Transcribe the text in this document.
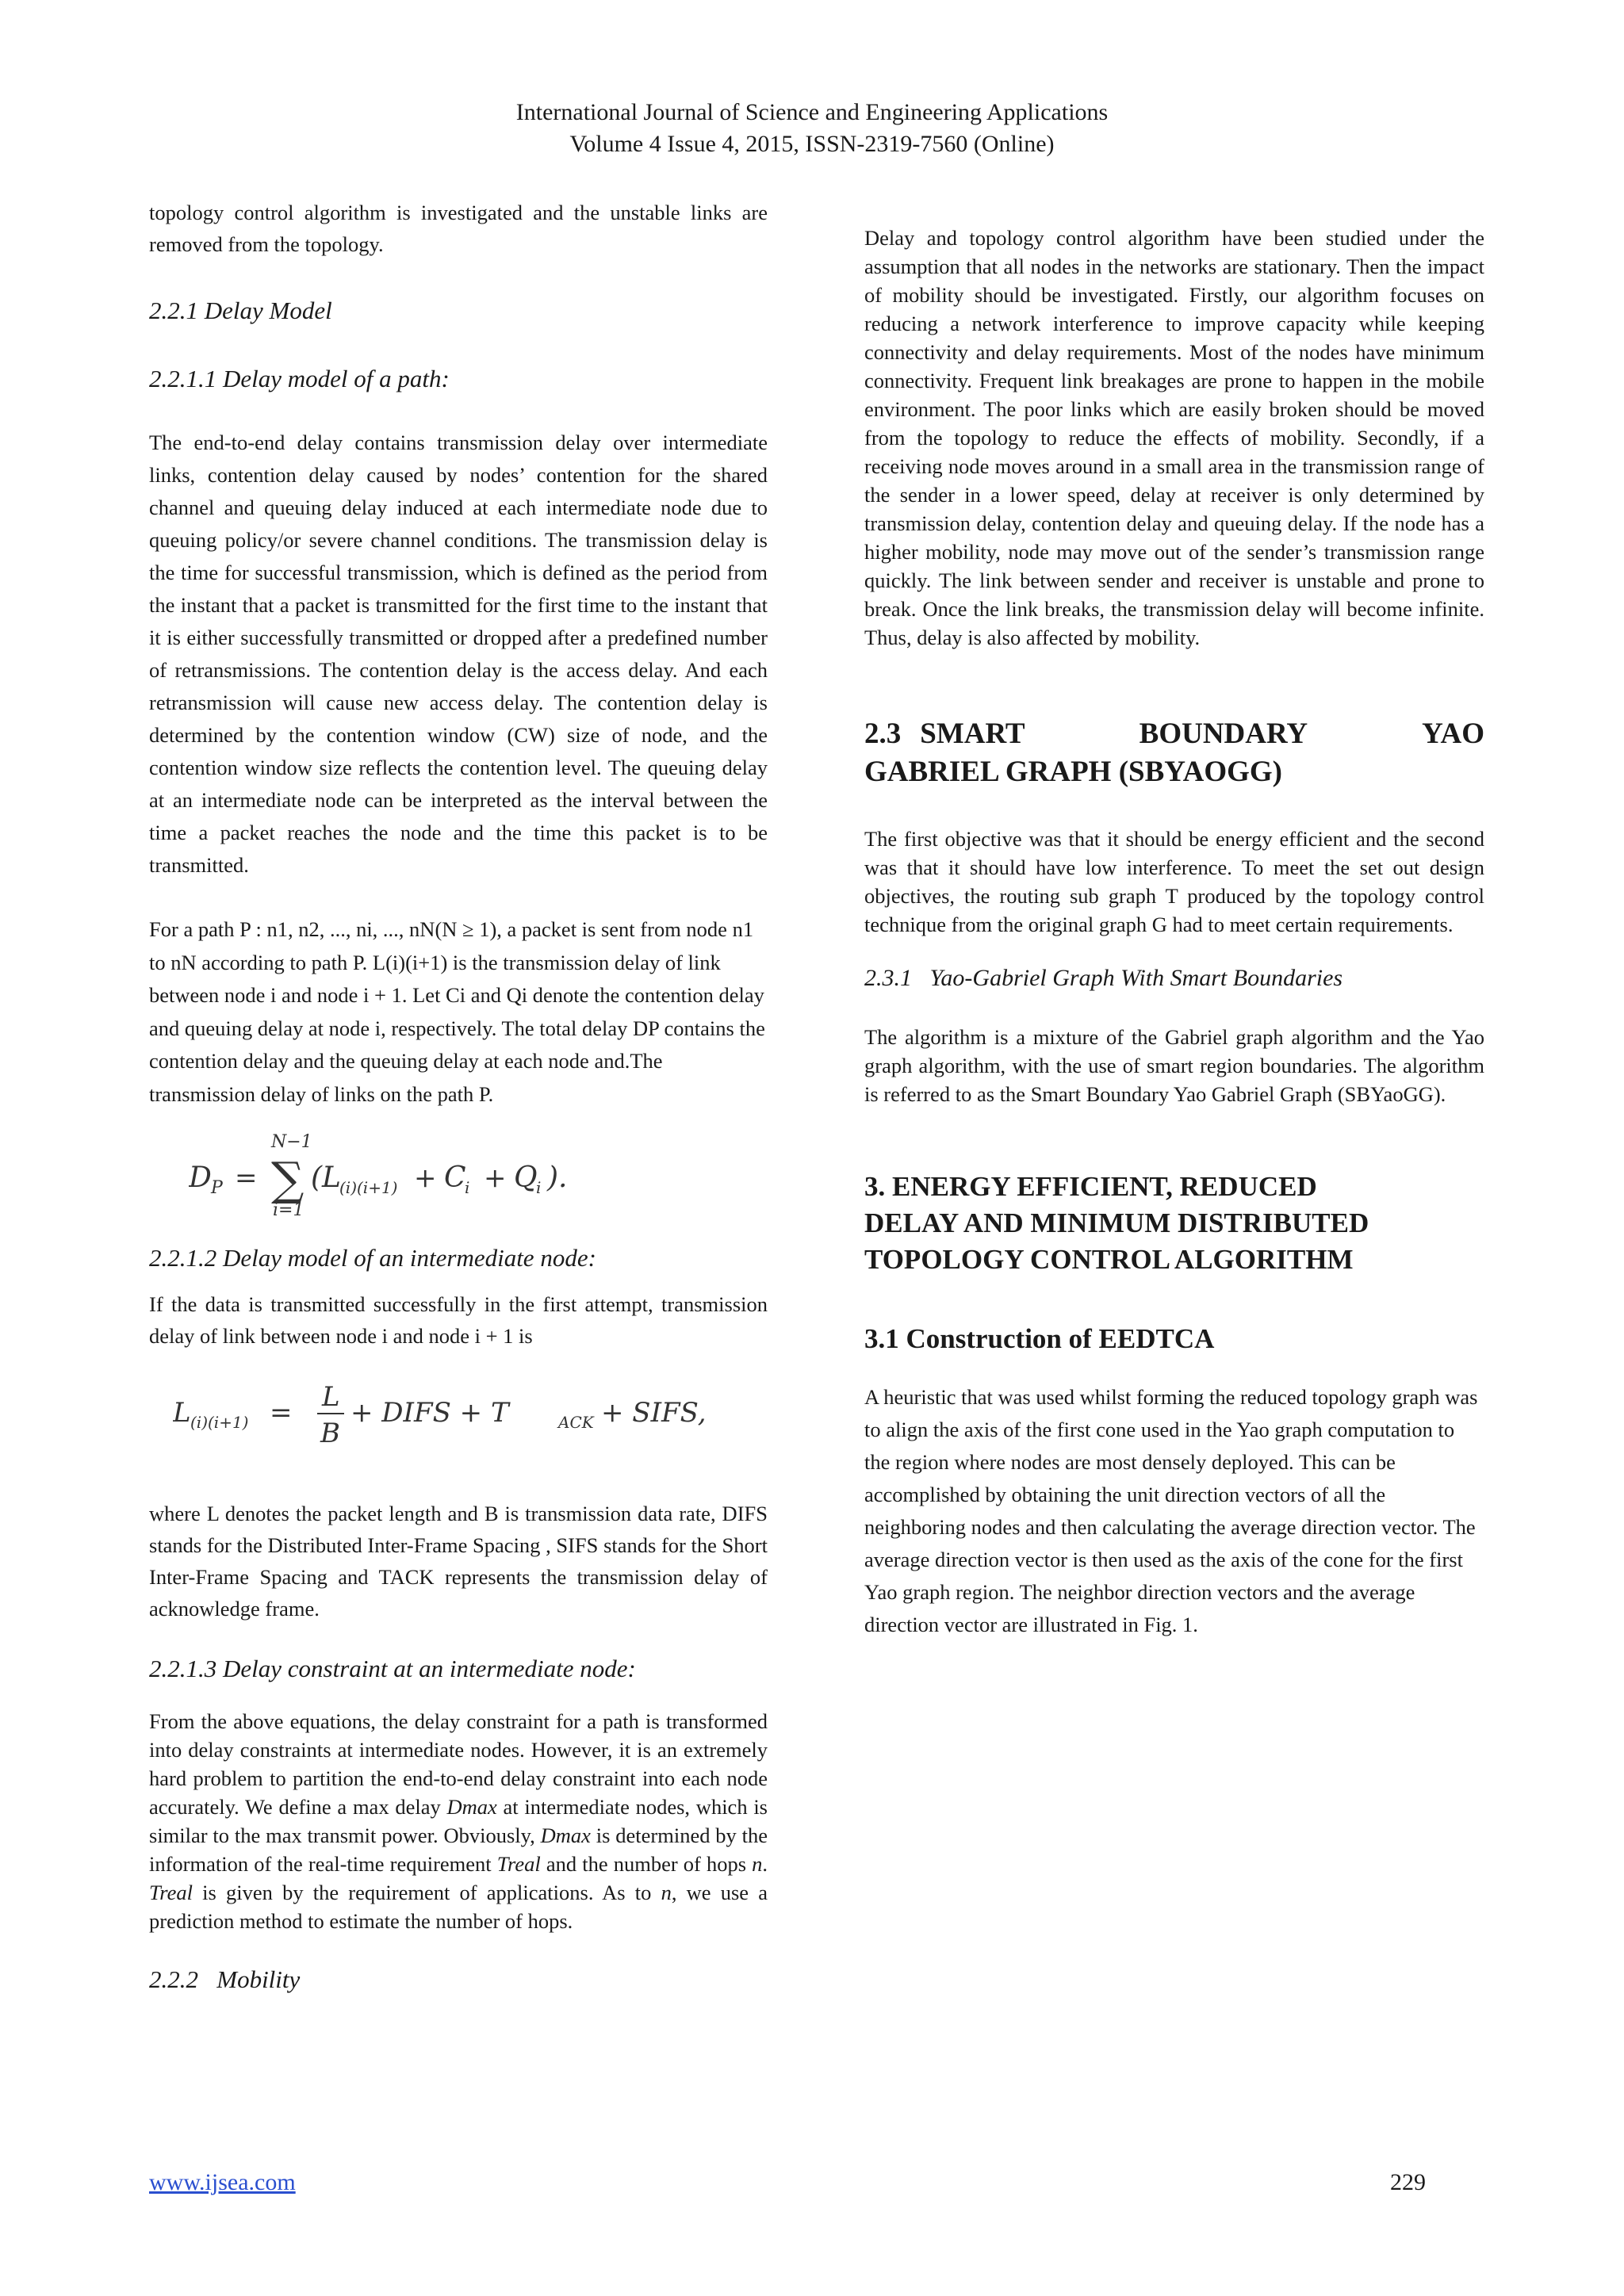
International Journal of Science and Engineering Applications
Volume 4 Issue 4, 2015, ISSN-2319-7560 (Online)

topology control algorithm is investigated and the unstable links are removed from the topology.

2.2.1 Delay Model
2.2.1.1 Delay model of a path:

The end-to-end delay contains transmission delay over intermediate links, contention delay caused by nodes’ contention for the shared channel and queuing delay induced at each intermediate node due to queuing policy/or severe channel conditions. The transmission delay is the time for successful transmission, which is defined as the period from the instant that a packet is transmitted for the first time to the instant that it is either successfully transmitted or dropped after a predefined number of retransmissions. The contention delay is the access delay. And each retransmission will cause new access delay. The contention delay is determined by the contention window (CW) size of node, and the contention window size reflects the contention level. The queuing delay at an intermediate node can be interpreted as the interval between the time a packet reaches the node and the time this packet is to be transmitted.

For a path P : n1, n2, ..., ni, ..., nN(N ≥ 1), a packet is sent from node n1 to nN according to path P. L(i)(i+1) is the transmission delay of link between node i and node i + 1. Let Ci and Qi denote the contention delay and queuing delay at node i, respectively. The total delay DP contains the contention delay and the queuing delay at each node and.The transmission delay of links on the path P.

D P =
N−1
∑
i=1
( L
(i)(i+1) + C
i + Q
i ).
2.2.1.2 Delay model of an intermediate node:

If the data is transmitted successfully in the first attempt, transmission delay of link between node i and node i + 1 is

L (i)(i+1) = L
B
+ DIFS + T	ACK + SIFS,

where L denotes the packet length and B is transmission data rate, DIFS stands for the Distributed Inter-Frame Spacing , SIFS stands for the Short Inter-Frame Spacing and TACK represents the transmission delay of acknowledge frame.

2.2.1.3 Delay constraint at an intermediate node:

From the above equations, the delay constraint for a path is transformed into delay constraints at intermediate nodes. However, it is an extremely hard problem to partition the end-to-end delay constraint into each node accurately. We define a max delay Dmax at intermediate nodes, which is similar to the max transmit power. Obviously, Dmax is determined by the information of the real-time requirement Treal and the number of hops n. Treal is given by the requirement of applications. As to n, we use a prediction method to estimate the number of hops.

2.2.2   Mobility

Delay and topology control algorithm have been studied under the assumption that all nodes in the networks are stationary. Then the impact of mobility should be investigated. Firstly, our algorithm focuses on reducing a network interference to improve capacity while keeping connectivity and delay requirements. Most of the nodes have minimum connectivity. Frequent link breakages are prone to happen in the mobile environment. The poor links which are easily broken should be moved from the topology to reduce the effects of mobility. Secondly, if a receiving node moves around in a small area in the transmission range of the sender in a lower speed, delay at receiver is only determined by transmission delay, contention delay and queuing delay. If the node has a higher mobility, node may move out of the sender’s transmission range quickly. The link between sender and receiver is unstable and prone to break. Once the link breaks, the transmission delay will become infinite. Thus, delay is also affected by mobility.

2.3 SMART	BOUNDARY	YAO
GABRIEL GRAPH (SBYAOGG)

The first objective was that it should be energy efficient and the second was that it should have low interference. To meet the set out design objectives, the routing sub graph T produced by the topology control technique from the original graph G had to meet certain requirements.

2.3.1   Yao-Gabriel Graph With Smart Boundaries

The algorithm is a mixture of the Gabriel graph algorithm and the Yao graph algorithm, with the use of smart region boundaries. The algorithm is referred to as the Smart Boundary Yao Gabriel Graph (SBYaoGG).

3. ENERGY EFFICIENT, REDUCED
DELAY AND MINIMUM DISTRIBUTED
TOPOLOGY CONTROL ALGORITHM
3.1 Construction of EEDTCA

A heuristic that was used whilst forming the reduced topology graph was to align the axis of the first cone used in the Yao graph computation to the region where nodes are most densely deployed. This can be accomplished by obtaining the unit direction vectors of all the neighboring nodes and then calculating the average direction vector. The average direction vector is then used as the axis of the cone for the first Yao graph region. The neighbor direction vectors and the average direction vector are illustrated in Fig. 1.

www.ijsea.com	229
